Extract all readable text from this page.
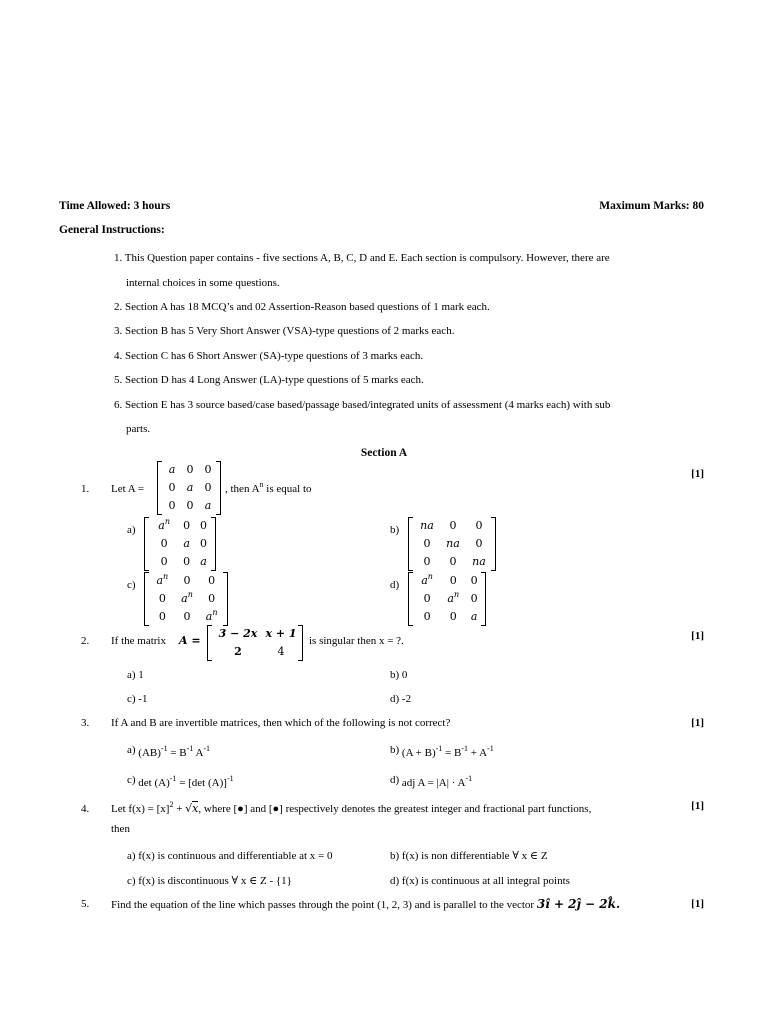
Time Allowed: 3 hours	Maximum Marks: 80
General Instructions:
1. This Question paper contains - five sections A, B, C, D and E. Each section is compulsory. However, there are
internal choices in some questions.
2. Section A has 18 MCQ’s and 02 Assertion-Reason based questions of 1 mark each.
3. Section B has 5 Very Short Answer (VSA)-type questions of 2 marks each.
4. Section C has 6 Short Answer (SA)-type questions of 3 marks each.
5. Section D has 4 Long Answer (LA)-type questions of 5 marks each.
6. Section E has 3 source based/case based/passage based/integrated units of assessment (4 marks each) with sub
parts.
Section A
1. Let A =
a	0	0
0	a	0
0	0	a
, then $A^n$ is equal to
[1]
a) $a^n$	0	0
0	a	0
0	0	a
b) na	0	0
0	na	0
0	0	na
c) $a^n$	0	0
0	$a^n$	0
0	0	$a^n$
d) $a^n$	0	0
0	$a^n$	0
0	0	a
2. If the matrix A =
3 − 2x	x + 1
2	4
is singular then x = ?.	[1]
a) 1	b) 0
c) -1	d) -2
3. If A and B are invertible matrices, then which of the following is not correct?	[1]
a) $(AB)^{-1} = B^{-1}$ $A^{-1}$	b) $(A + B)^{-1} = B^{-1} + A^{-1}$
c) $\det (A)^{-1} = [\det$ (A)]$^{-1}$	d) adj $A = |A| \cdot A^{-1}$
4. Let $f(x) = [x]^2 + √x$, where [●] and [●] respectively denotes the greatest integer and fractional part functions,
then
[1]
a) f(x) is continuous and differentiable at x = 0	b) f(x) is non differentiable ∀ x ∈ Z
c) f(x) is discontinuous ∀ x ∈ Z - {1}	d) f(x) is continuous at all integral points
5. Find the equation of the line which passes through the point (1, 2, 3) and is parallel to the vector 3î + 2ĵ − 2k̂.	[1]
